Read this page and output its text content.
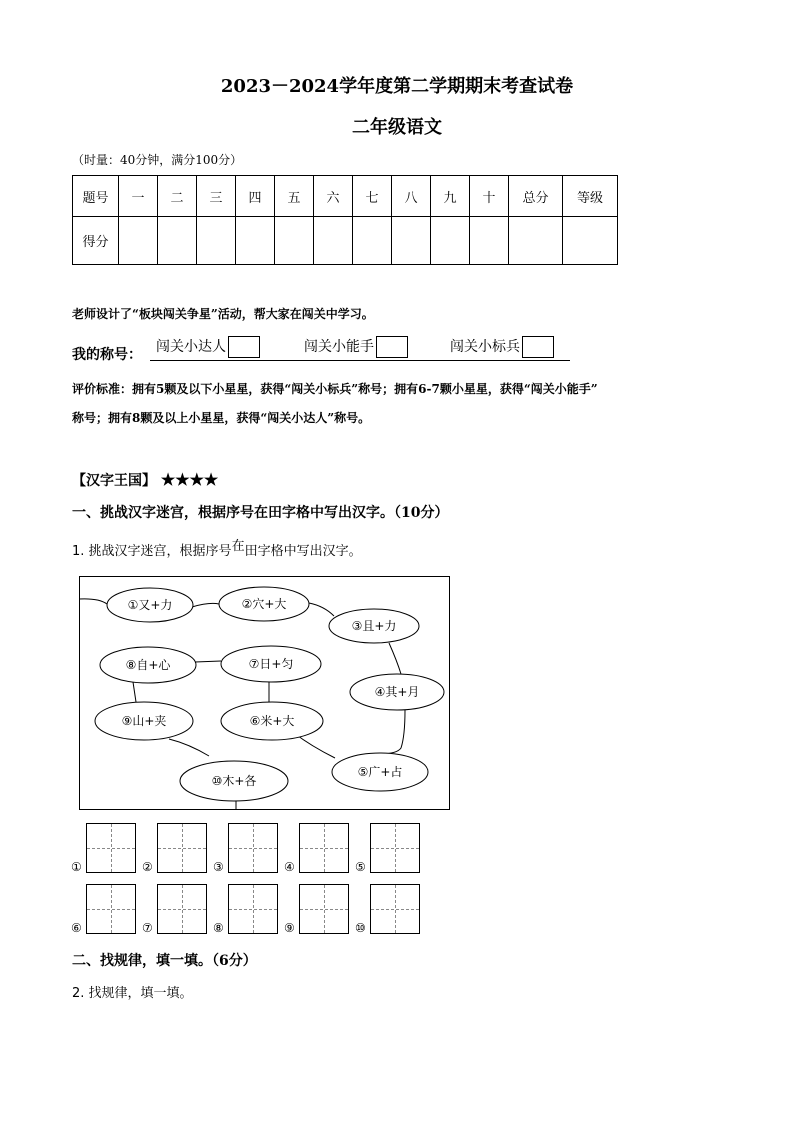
2023－2024学年度第二学期期末考查试卷
二年级语文
（时量：40分钟，满分100分）
题号	一	二	三	四	五	六	七	八	九	十	总分	等级
得分												
老师设计了“板块闯关争星”活动，帮大家在闯关中学习。
我的称号： 闯关小达人	闯关小能手	闯关小标兵
评价标准：拥有5颗及以下小星星，获得“闯关小标兵”称号；拥有6-7颗小星星，获得“闯关小能手”
称号；拥有8颗及以上小星星，获得“闯关小达人”称号。
【汉字王国】 ★★★★
一、挑战汉字迷宫，根据序号在田字格中写出汉字。（10分）
1. 挑战汉字迷宫，根据序号在田字格中写出汉字。
①又+力	②穴+大
③且+力
④其+月
⑤广+占
⑥米+大
⑦日+匀
⑧自+心
⑨山+夹
⑩木+各
①	②	③	④	⑤
⑥	⑦	⑧	⑨	⑩
二、找规律，填一填。（6分）
2. 找规律，填一填。
